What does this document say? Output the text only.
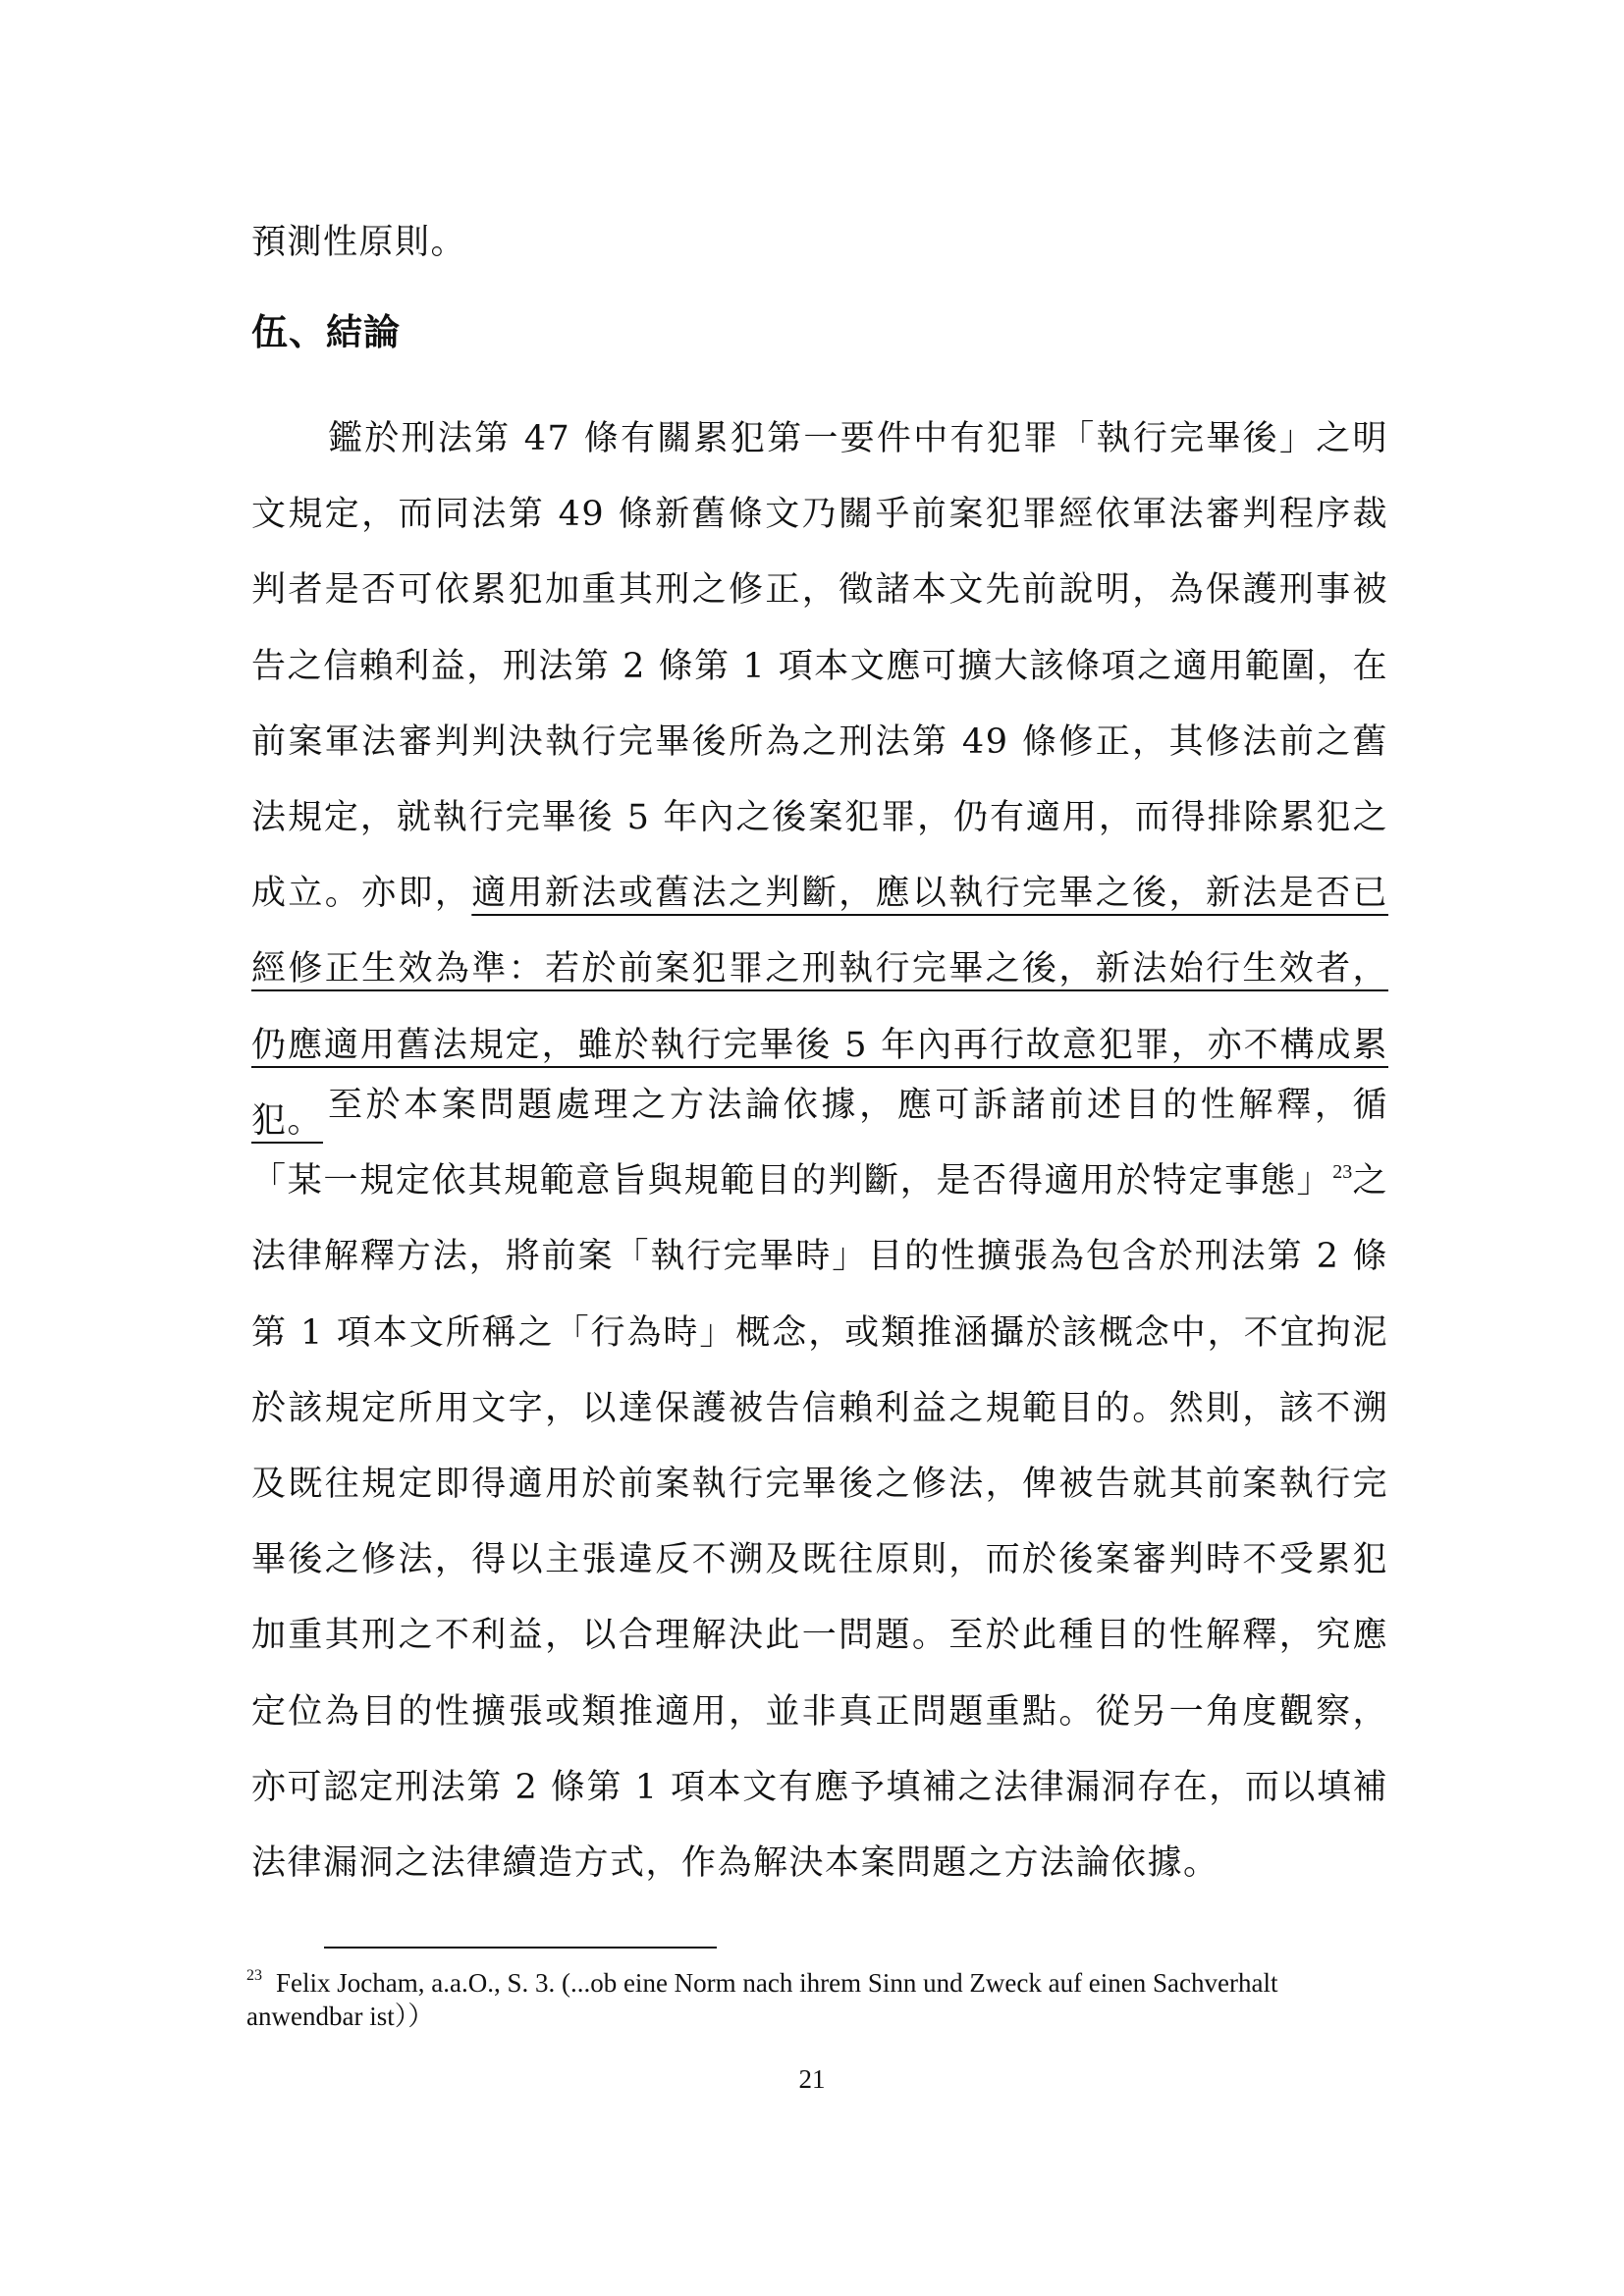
預測性原則。
伍、結論

鑑於刑法第 47 條有關累犯第一要件中有犯罪「執行完畢後」之明文規定，而同法第 49 條新舊條文乃關乎前案犯罪經依軍法審判程序裁判者是否可依累犯加重其刑之修正，徵諸本文先前說明，為保護刑事被告之信賴利益，刑法第 2 條第 1 項本文應可擴大該條項之適用範圍，在前案軍法審判判決執行完畢後所為之刑法第 49 條修正，其修法前之舊法規定，就執行完畢後 5 年內之後案犯罪，仍有適用，而得排除累犯之成立。亦即，適用新法或舊法之判斷，應以執行完畢之後，新法是否已經修正生效為準：若於前案犯罪之刑執行完畢之後，新法始行生效者，仍應適用舊法規定，雖於執行完畢後 5 年內再行故意犯罪，亦不構成累犯。 至於本案問題處理之方法論依據，應可訴諸前述目的性解釋，循「某一規定依其規範意旨與規範目的判斷，是否得適用於特定事態」$^{23}$之法律解釋方法，將前案「執行完畢時」目的性擴張為包含於刑法第 2 條第 1 項本文所稱之「行為時」概念，或類推涵攝於該概念中，不宜拘泥於該規定所用文字，以達保護被告信賴利益之規範目的。然則，該不溯及既往規定即得適用於前案執行完畢後之修法，俾被告就其前案執行完畢後之修法，得以主張違反不溯及既往原則，而於後案審判時不受累犯加重其刑之不利益，以合理解決此一問題。至於此種目的性解釋，究應定位為目的性擴張或類推適用，並非真正問題重點。從另一角度觀察，亦可認定刑法第 2 條第 1 項本文有應予填補之法律漏洞存在，而以填補法律漏洞之法律續造方式，作為解決本案問題之方法論依據。

$^{23}$ Felix Jocham, a.a.O., S. 3. (...ob eine Norm nach ihrem Sinn und Zweck auf einen Sachverhalt anwendbar ist））
21
